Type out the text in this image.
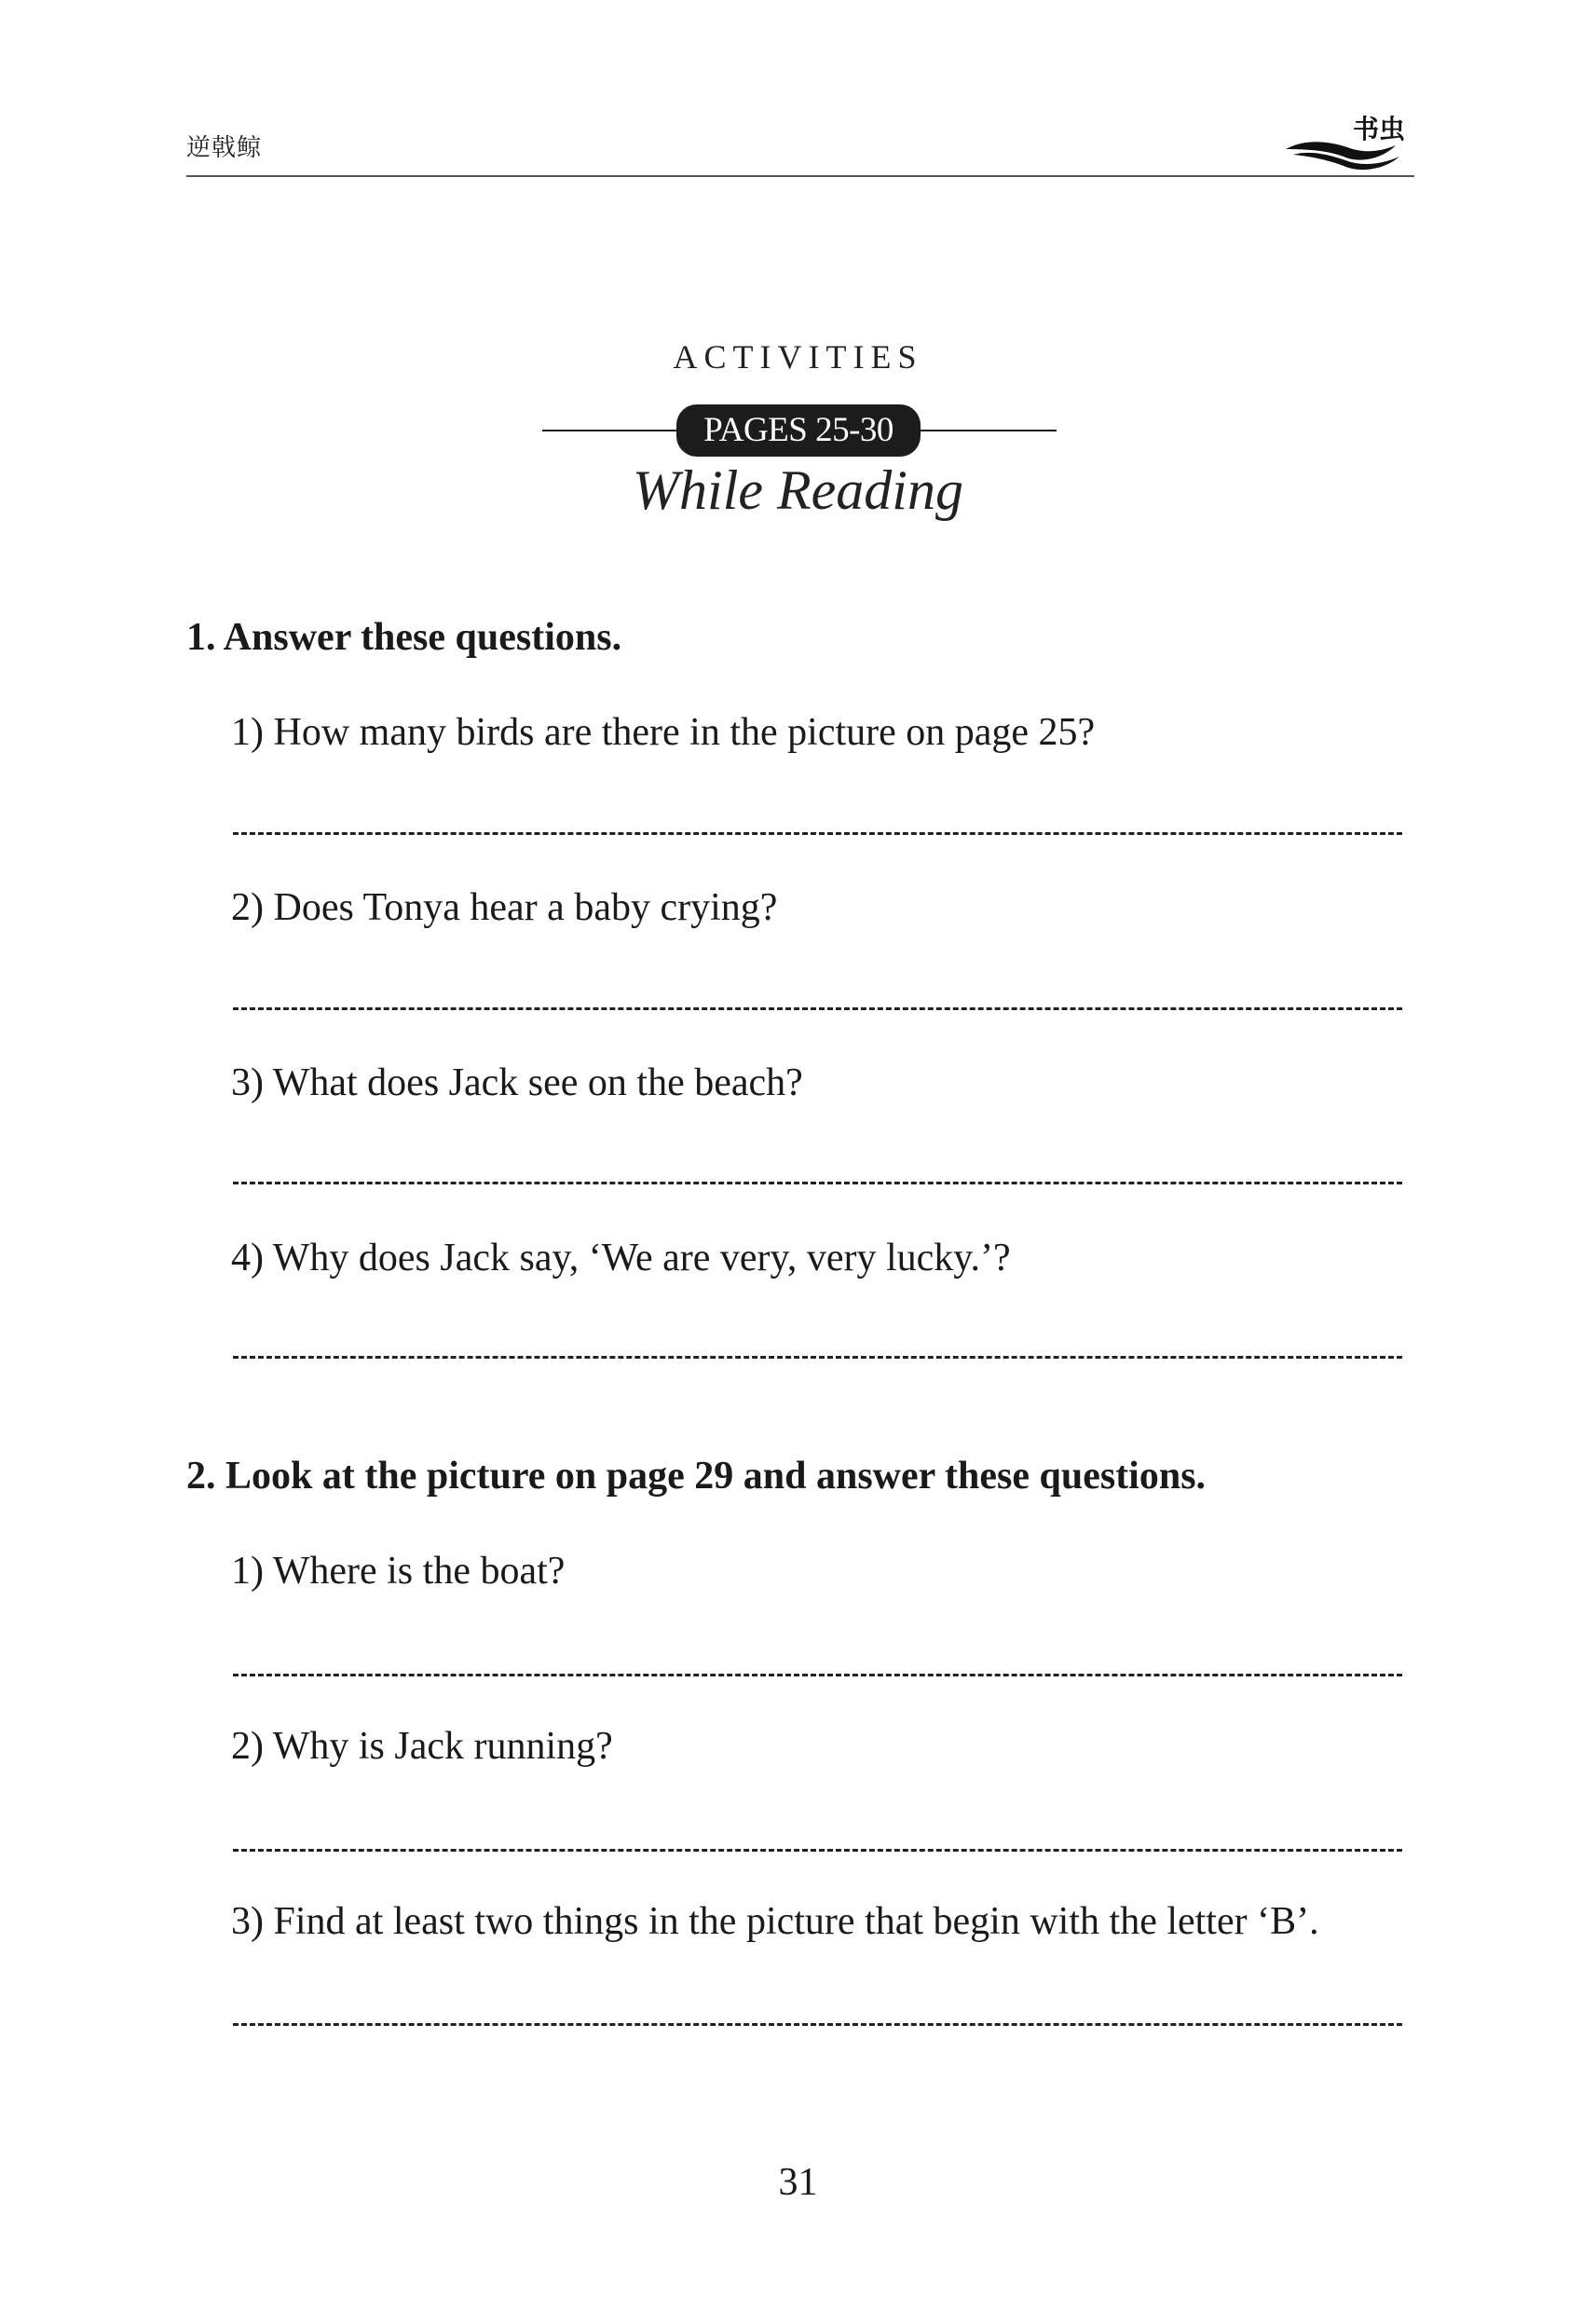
逆戟鲸
书虫
ACTIVITIES
PAGES 25-30
While Reading
1. Answer these questions.
1) How many birds are there in the picture on page 25?
2) Does Tonya hear a baby crying?
3) What does Jack see on the beach?
4) Why does Jack say, ‘We are very, very lucky.’?
2. Look at the picture on page 29 and answer these questions.
1) Where is the boat?
2) Why is Jack running?
3) Find at least two things in the picture that begin with the letter ‘B’.
31
